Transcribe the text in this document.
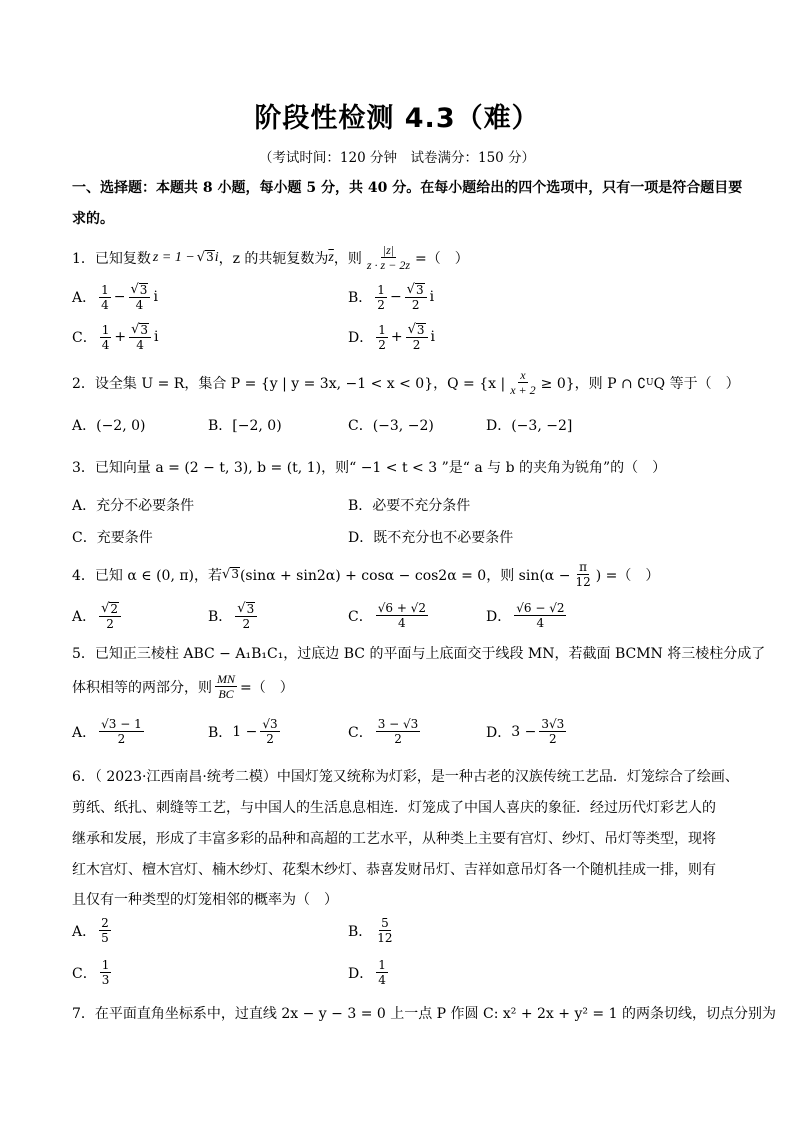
阶段性检测 4.3（难）
（考试时间：120 分钟　试卷满分：150 分）
一、选择题：本题共 8 小题，每小题 5 分，共 40 分。在每小题给出的四个选项中，只有一项是符合题目要
求的。
1．已知复数 z = 1 − √ 3 i ，z 的共轭复数为 $\overline{z}$ ，则 $\frac{|z|}{z \cdot z - 2z}$ =（　）
A． $\frac{1}{4} - \frac{√ 3}{4}$ i	B． $\frac{1}{2} - \frac{√ 3}{2}$ i
C． $\frac{1}{4} + \frac{√ 3}{4}$ i	D． $\frac{1}{2} + \frac{√ 3}{2}$ i
2．设全集 U = R，集合 P = {y | y = 3x, −1 < x < 0}，Q = {x | $\frac{x}{x + 2} \ge 0$}，则 P ∩ ∁ U Q 等于（　）
A．(−2, 0)	B．[−2, 0)	C．(−3, −2)	D．(−3, −2]
3．已知向量 a = (2 − t, 3), b = (t, 1)，则“ −1 < t < 3 ”是“ a 与 b 的夹角为锐角”的（　）
A．充分不必要条件	B．必要不充分条件
C．充要条件	D．既不充分也不必要条件
4．已知 α ∈ (0, π)，若 √ 3 (sinα + sin2α) + cosα − cos2α = 0，则 $\sin(\alpha - \frac{\pi}{12}$ ) =（　）
A． $\frac{√ 2}{2}$	B． $\frac{√ 3}{2}$	C． $\frac{√6 + √2}{4}$	D． $\frac{√6 - √2}{4}$
5．已知正三棱柱 ABC − A₁B₁C₁，过底边 BC 的平面与上底面交于线段 MN，若截面 BCMN 将三棱柱分成了
体积相等的两部分，则 $\frac{MN}{BC}$ =（　）
A． $\frac{√3 - 1}{2}$	B． $1 - \frac{√3}{2}$	C． $\frac{3 - √3}{2}$	D． $3 - \frac{3√3}{2}$
6．（ 2023·江西南昌·统考二模）中国灯笼又统称为灯彩，是一种古老的汉族传统工艺品．灯笼综合了绘画、
剪纸、纸扎、刺缝等工艺，与中国人的生活息息相连．灯笼成了中国人喜庆的象征．经过历代灯彩艺人的
继承和发展，形成了丰富多彩的品种和高超的工艺水平，从种类上主要有宫灯、纱灯、吊灯等类型，现将
红木宫灯、檀木宫灯、楠木纱灯、花梨木纱灯、恭喜发财吊灯、吉祥如意吊灯各一个随机挂成一排，则有
且仅有一种类型的灯笼相邻的概率为（　）
A． $\frac{2}{5}$	B． $\frac{5}{12}$
C． $\frac{1}{3}$	D． $\frac{1}{4}$
7．在平面直角坐标系中，过直线 2x − y − 3 = 0 上一点 P 作圆 C: x² + 2x + y² = 1 的两条切线，切点分别为
